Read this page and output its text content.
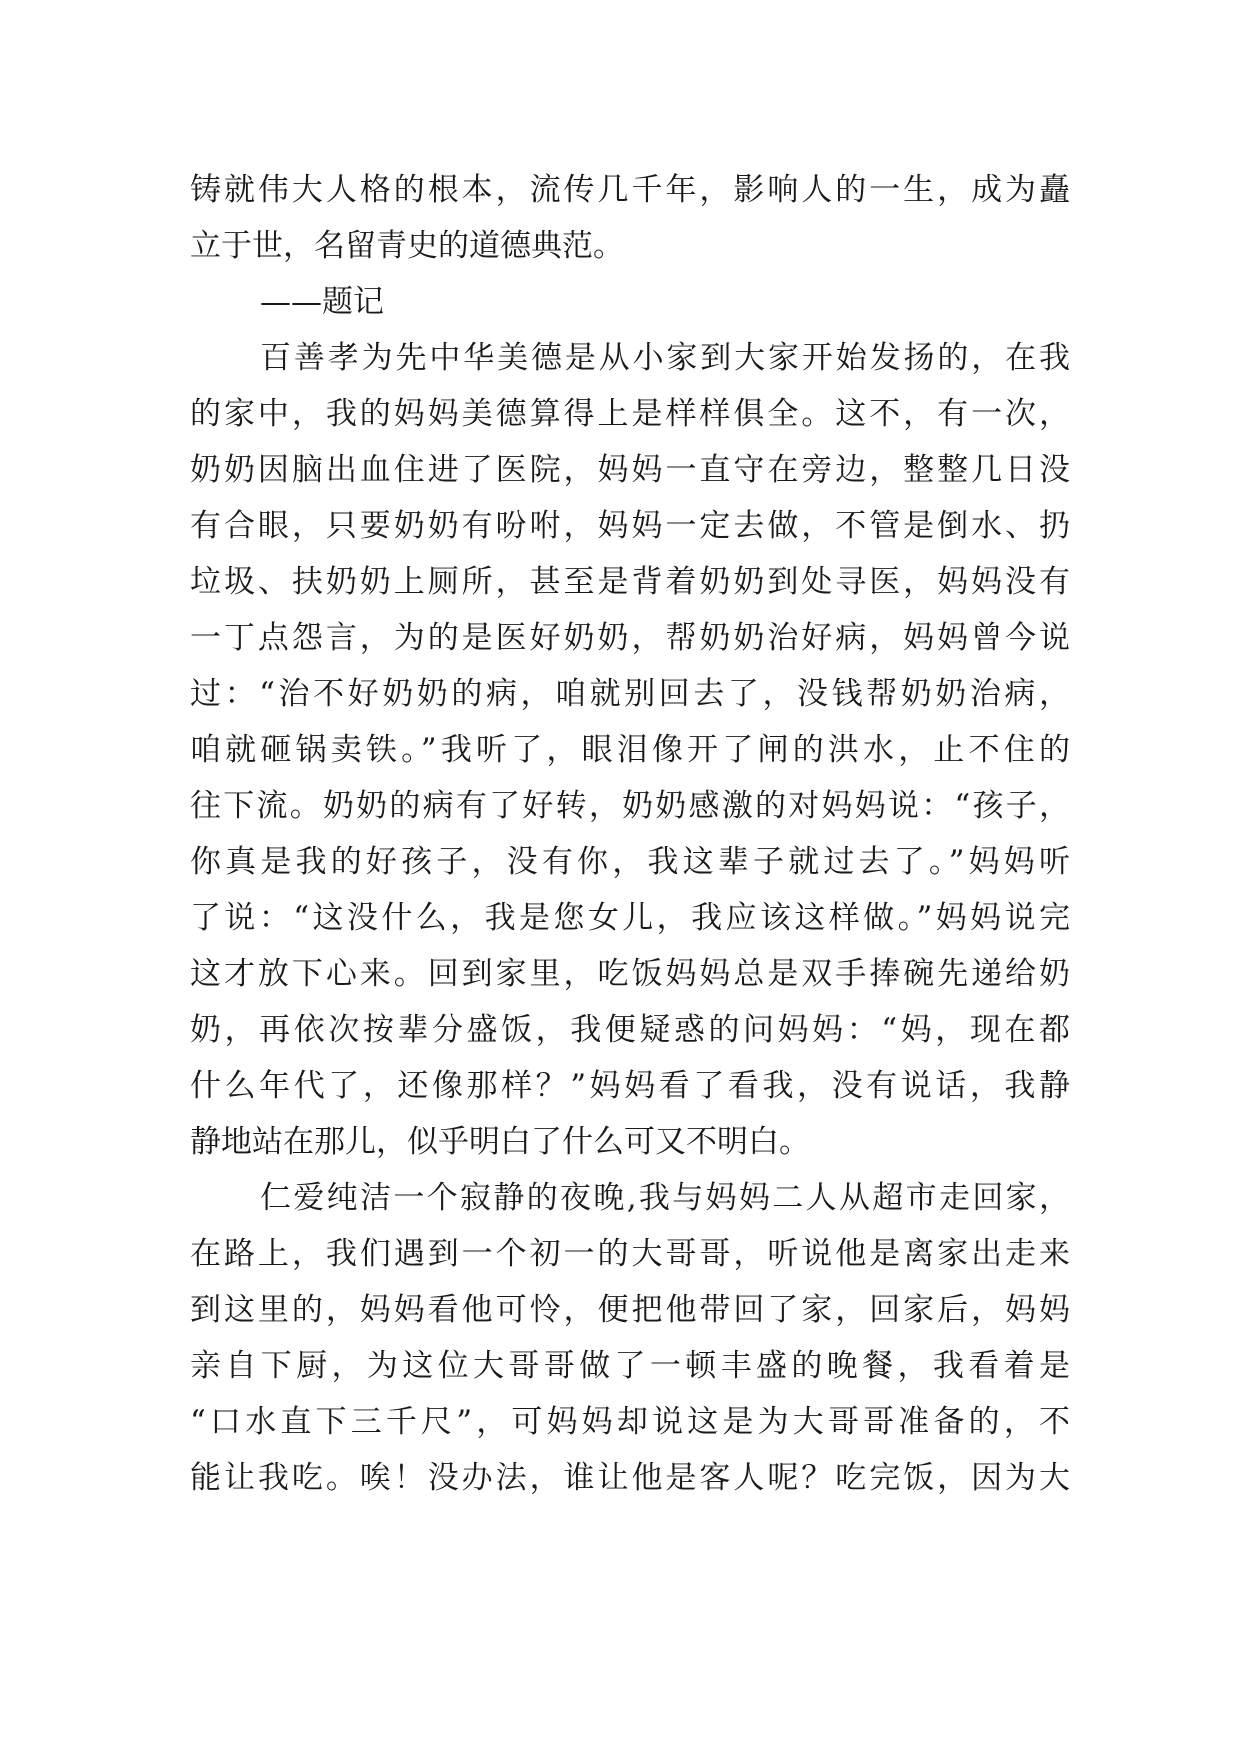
铸就伟大人格的根本，流传几千年，影响人的一生，成为矗
立于世，名留青史的道德典范。
——题记
百善孝为先中华美德是从小家到大家开始发扬的，在我
的家中，我的妈妈美德算得上是样样俱全。这不，有一次，
奶奶因脑出血住进了医院，妈妈一直守在旁边，整整几日没
有合眼，只要奶奶有吩咐，妈妈一定去做，不管是倒水、扔
垃圾、扶奶奶上厕所，甚至是背着奶奶到处寻医，妈妈没有
一丁点怨言，为的是医好奶奶，帮奶奶治好病，妈妈曾今说
过：“治不好奶奶的病，咱就别回去了，没钱帮奶奶治病，
咱就砸锅卖铁。”我听了，眼泪像开了闸的洪水，止不住的
往下流。奶奶的病有了好转，奶奶感激的对妈妈说：“孩子，
你真是我的好孩子，没有你，我这辈子就过去了。”妈妈听
了说：“这没什么，我是您女儿，我应该这样做。”妈妈说完
这才放下心来。回到家里，吃饭妈妈总是双手捧碗先递给奶
奶，再依次按辈分盛饭，我便疑惑的问妈妈：“妈，现在都
什么年代了，还像那样？”妈妈看了看我，没有说话，我静
静地站在那儿，似乎明白了什么可又不明白。
仁爱纯洁一个寂静的夜晚,我与妈妈二人从超市走回家，
在路上，我们遇到一个初一的大哥哥，听说他是离家出走来
到这里的，妈妈看他可怜，便把他带回了家，回家后，妈妈
亲自下厨，为这位大哥哥做了一顿丰盛的晚餐，我看着是
“口水直下三千尺”，可妈妈却说这是为大哥哥准备的，不
能让我吃。唉！没办法，谁让他是客人呢？吃完饭，因为大
